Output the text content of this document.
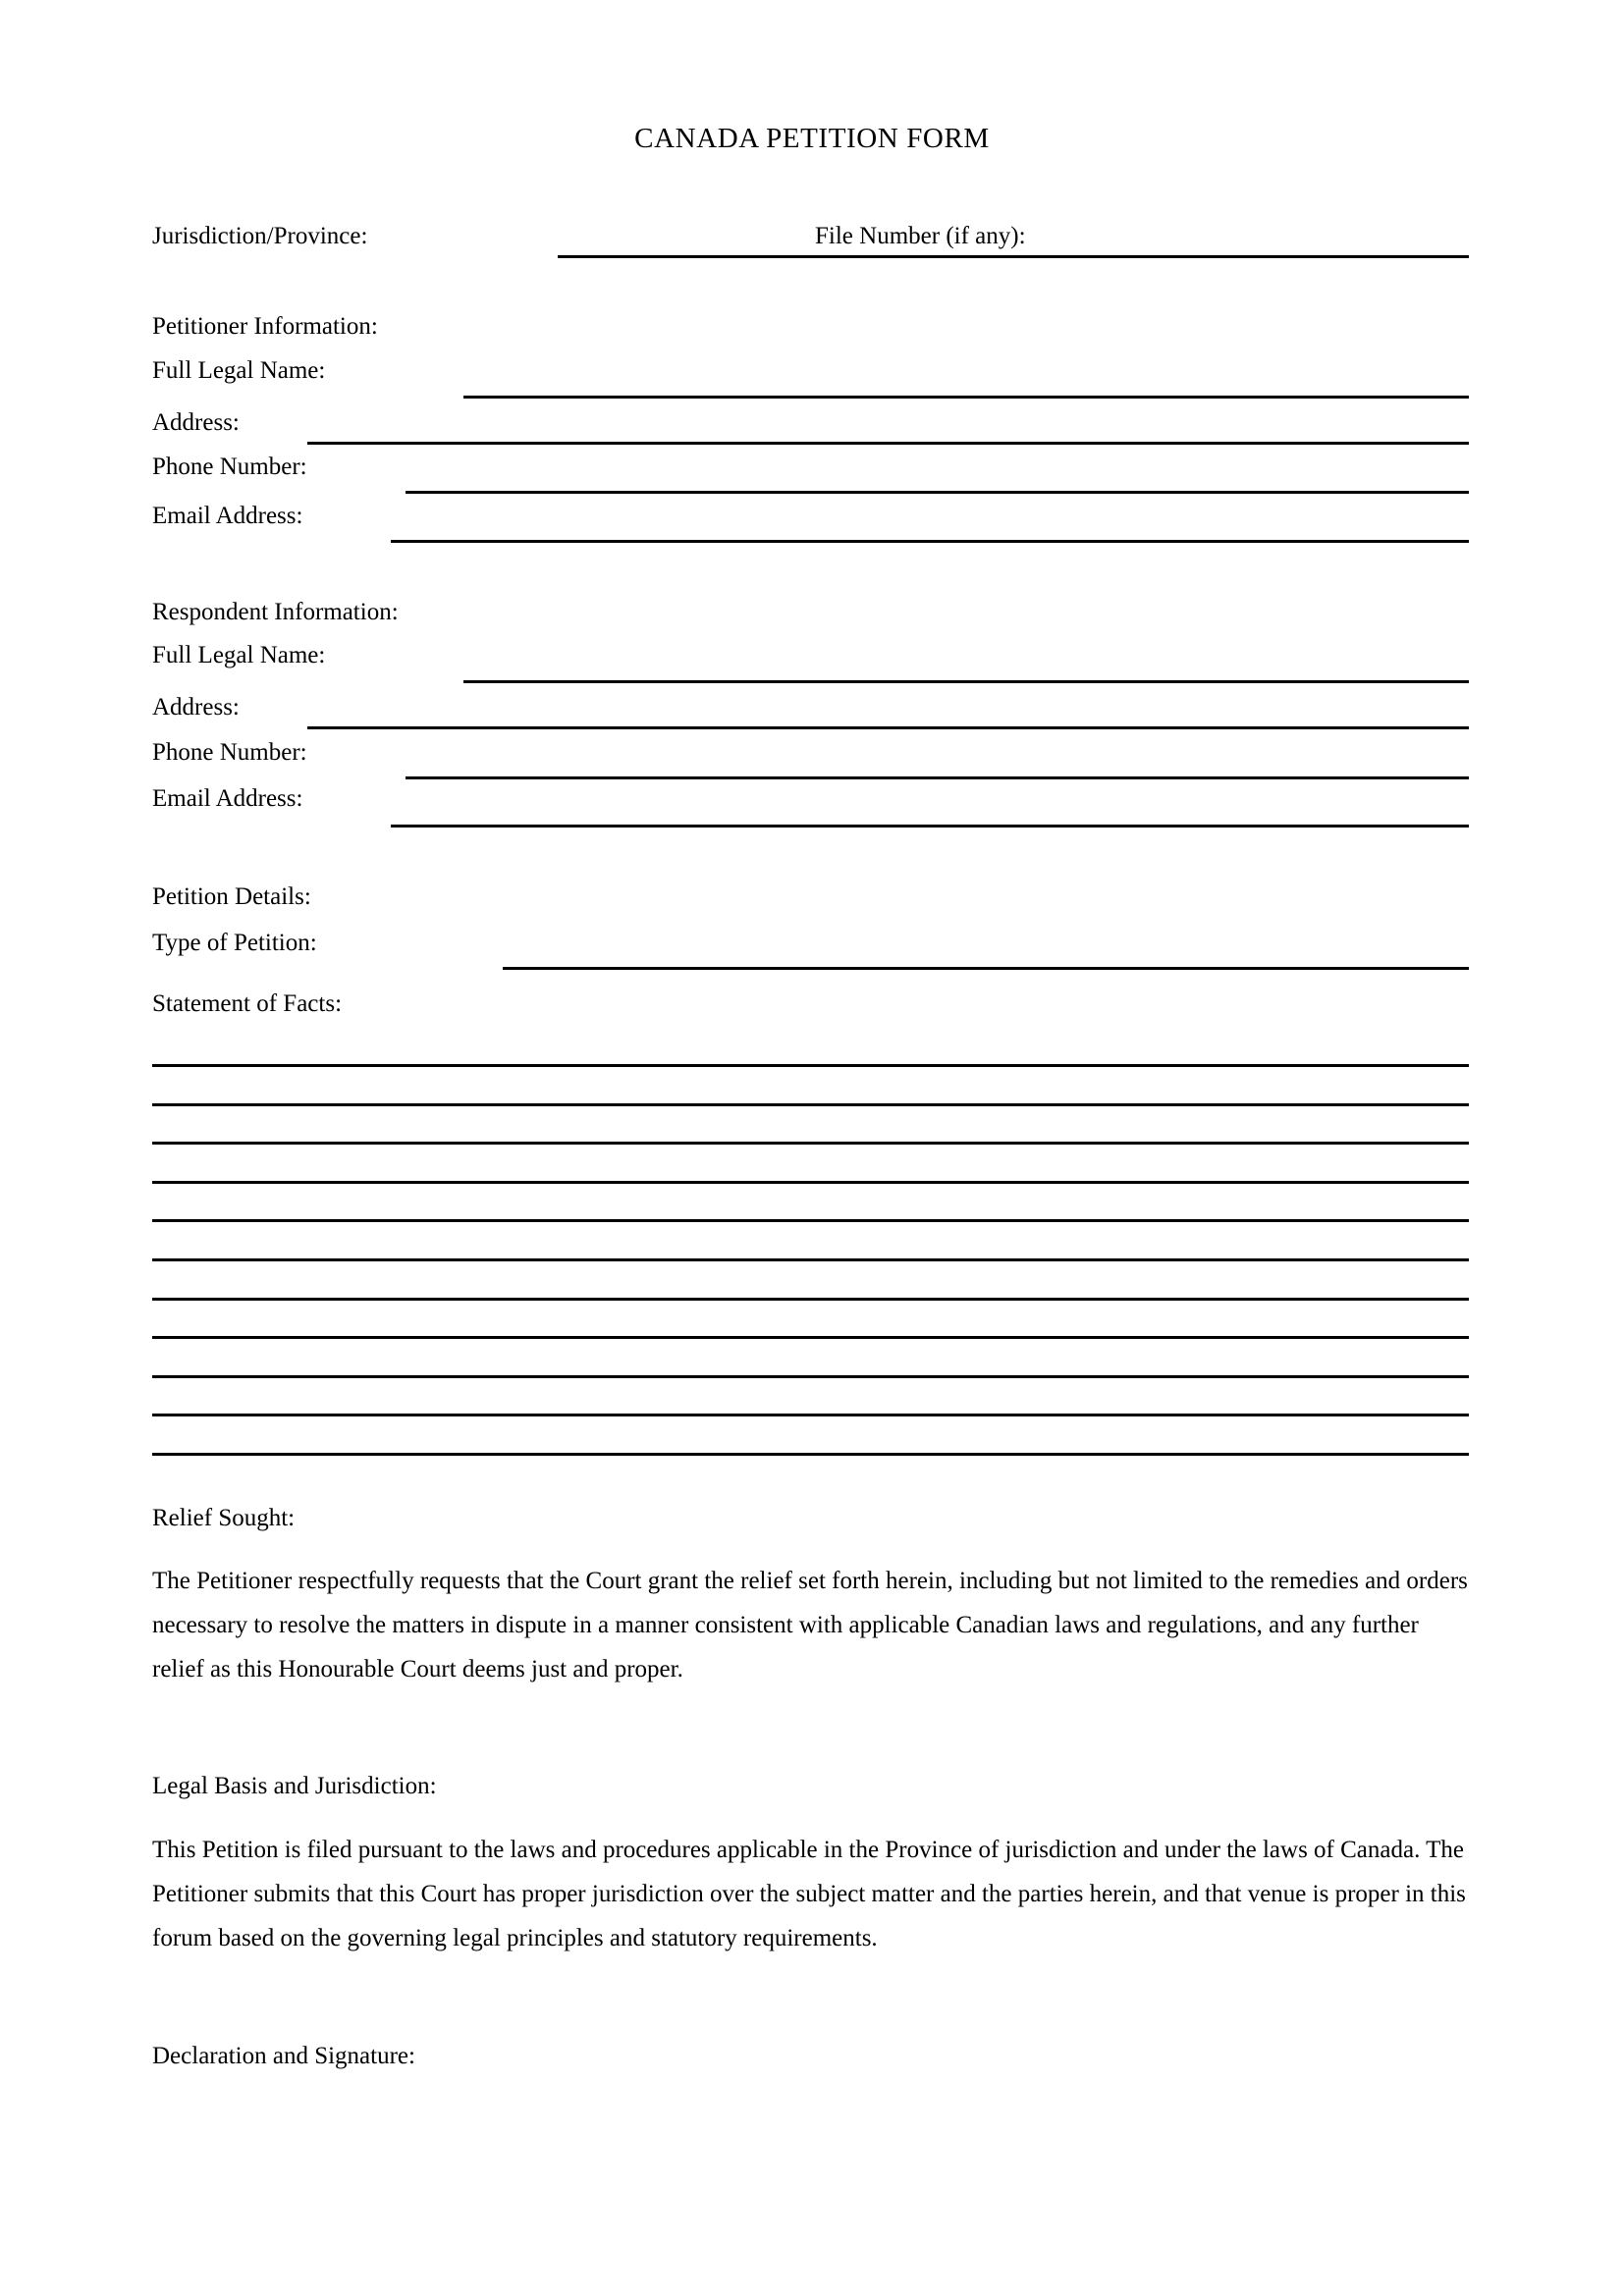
CANADA PETITION FORM
Jurisdiction/Province:	File Number (if any):
Petitioner Information:
Full Legal Name:
Address:
Phone Number:
Email Address:
Respondent Information:
Full Legal Name:
Address:
Phone Number:
Email Address:
Petition Details:
Type of Petition:
Statement of Facts:
Relief Sought:
The Petitioner respectfully requests that the Court grant the relief set forth herein, including but not limited to the remedies and orders necessary to resolve the matters in dispute in a manner consistent with applicable Canadian laws and regulations, and any further relief as this Honourable Court deems just and proper.
Legal Basis and Jurisdiction:
This Petition is filed pursuant to the laws and procedures applicable in the Province of jurisdiction and under the laws of Canada. The Petitioner submits that this Court has proper jurisdiction over the subject matter and the parties herein, and that venue is proper in this forum based on the governing legal principles and statutory requirements.
Declaration and Signature:
